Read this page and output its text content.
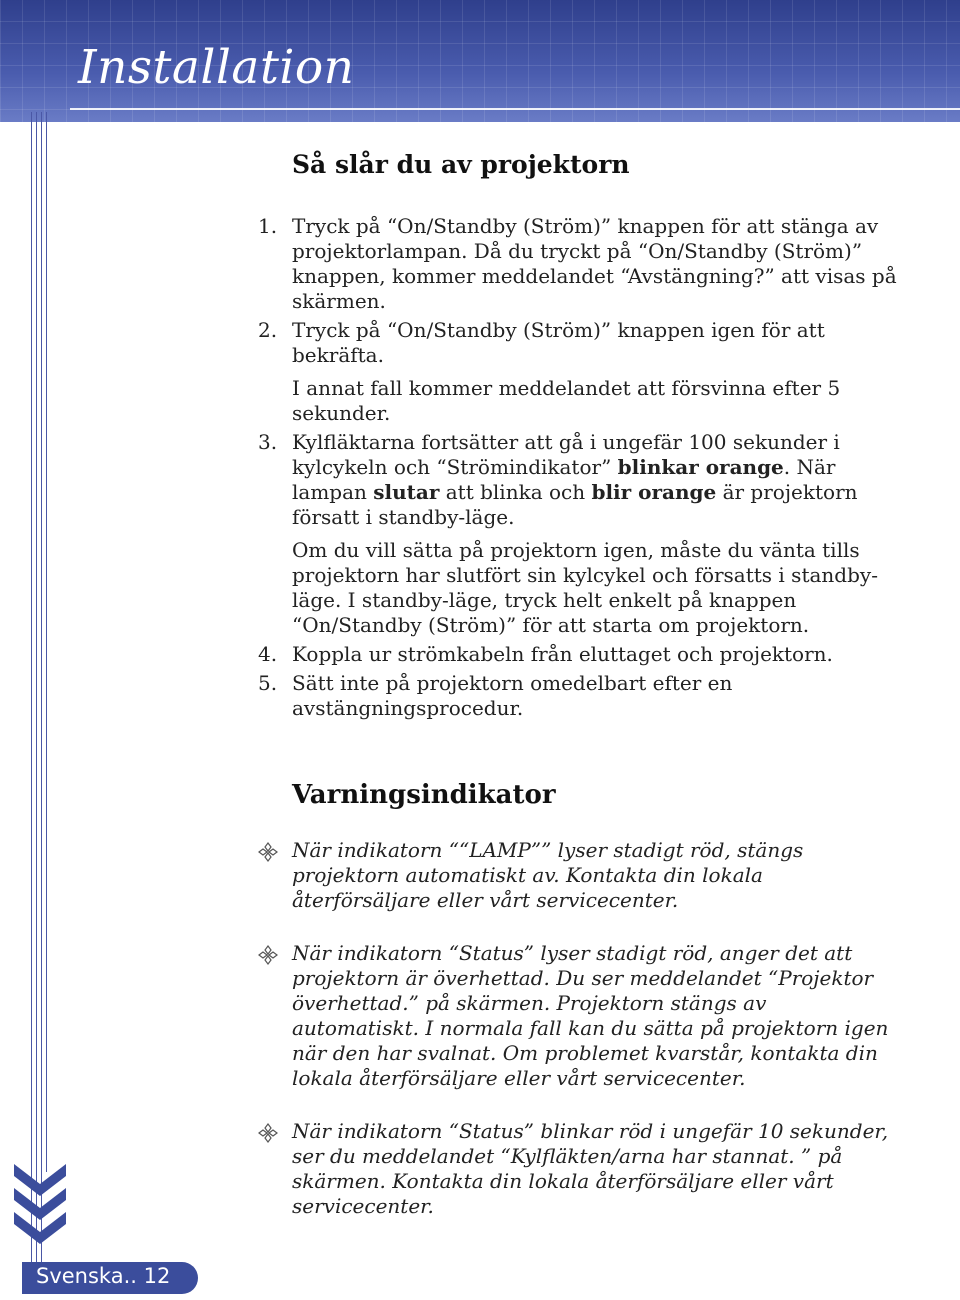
Installation
Så slår du av projektorn
1. Tryck på “On/Standby (Ström)” knappen för att stänga av projektorlampan. Då du tryckt på “On/Standby (Ström)” knappen, kommer meddelandet “Avstängning?” att visas på skärmen.
2. Tryck på “On/Standby (Ström)” knappen igen för att bekräfta.
I annat fall kommer meddelandet att försvinna efter 5 sekunder.
3. Kylfläktarna fortsätter att gå i ungefär 100 sekunder i kylcykeln och “Strömindikator” blinkar orange. När lampan slutar att blinka och blir orange är projektorn försatt i standby-läge.
Om du vill sätta på projektorn igen, måste du vänta tills projektorn har slutfört sin kylcykel och försatts i standby-läge. I standby-läge, tryck helt enkelt på knappen “On/Standby (Ström)” för att starta om projektorn.
4. Koppla ur strömkabeln från eluttaget och projektorn.
5. Sätt inte på projektorn omedelbart efter en avstängningsprocedur.
Varningsindikator
När indikatorn ““LAMP”” lyser stadigt röd, stängs projektorn automatiskt av. Kontakta din lokala återförsäljare eller vårt servicecenter.
När indikatorn “Status” lyser stadigt röd, anger det att projektorn är överhettad. Du ser meddelandet “Projektor överhettad.” på skärmen. Projektorn stängs av automatiskt. I normala fall kan du sätta på projektorn igen när den har svalnat. Om problemet kvarstår, kontakta din lokala återförsäljare eller vårt servicecenter.
När indikatorn “Status” blinkar röd i ungefär 10 sekunder, ser du meddelandet “Kylfläkten/arna har stannat. ” på skärmen. Kontakta din lokala återförsäljare eller vårt servicecenter.
Svenska.. 12
